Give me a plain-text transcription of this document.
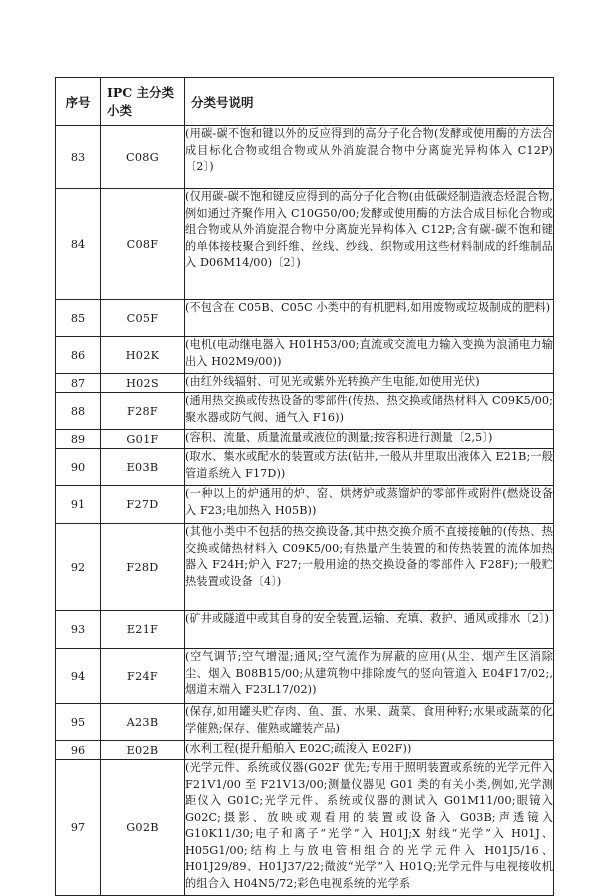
序号	IPC 主分类小类	分类号说明
83	C08G	(用碳-碳不饱和键以外的反应得到的高分子化合物(发酵或使用酶的方法合成目标化合物或组合物或从外消旋混合物中分离旋光异构体入 C12P)〔2〕)
84	C08F	(仅用碳-碳不饱和键反应得到的高分子化合物(由低碳烃制造液态烃混合物,例如通过齐聚作用入 C10G50/00;发酵或使用酶的方法合成目标化合物或组合物或从外消旋混合物中分离旋光异构体入 C12P;含有碳-碳不饱和键的单体接枝聚合到纤维、丝线、纱线、织物或用这些材料制成的纤维制品入 D06M14/00)〔2〕)
85	C05F	(不包含在 C05B、C05C 小类中的有机肥料,如用废物或垃圾制成的肥料)
86	H02K	(电机(电动继电器入 H01H53/00;直流或交流电力输入变换为浪涌电力输出入 H02M9/00))
87	H02S	(由红外线辐射、可见光或紫外光转换产生电能,如使用光伏)
88	F28F	(通用热交换或传热设备的零部件(传热、热交换或储热材料入 C09K5/00;聚水器或防气阀、通气入 F16))
89	G01F	(容积、流量、质量流量或液位的测量;按容积进行测量〔2,5〕)
90	E03B	(取水、集水或配水的装置或方法(钻井,一般从井里取出液体入 E21B;一般管道系统入 F17D))
91	F27D	(一种以上的炉通用的炉、窑、烘烤炉或蒸馏炉的零部件或附件(燃烧设备入 F23;电加热入 H05B))
92	F28D	(其他小类中不包括的热交换设备,其中热交换介质不直接接触的(传热、热交换或储热材料入 C09K5/00;有热量产生装置的和传热装置的流体加热器入 F24H;炉入 F27;一般用途的热交换设备的零部件入 F28F);一般贮热装置或设备〔4〕)
93	E21F	(矿井或隧道中或其自身的安全装置,运输、充填、救护、通风或排水〔2〕)
94	F24F	(空气调节;空气增湿;通风;空气流作为屏蔽的应用(从尘、烟产生区消除尘、烟入 B08B15/00;从建筑物中排除废气的竖向管道入 E04F17/02;,烟道末端入 F23L17/02))
95	A23B	(保存,如用罐头贮存肉、鱼、蛋、水果、蔬菜、食用种籽;水果或蔬菜的化学催熟;保存、催熟或罐装产品)
96	E02B	(水利工程(提升船舶入 E02C;疏浚入 E02F))
97	G02B	(光学元件、系统或仪器(G02F 优先;专用于照明装置或系统的光学元件入 F21V1/00 至 F21V13/00;测量仪器见 G01 类的有关小类,例如,光学测距仪入 G01C;光学元件、系统或仪器的测试入 G01M11/00;眼镜入 G02C;摄影、放映或观看用的装置或设备入 G03B;声透镜入 G10K11/30;电子和离子“光学”入 H01J;X 射线“光学”入 H01J、H05G1/00;结构上与放电管相组合的光学元件入 H01J5/16、H01J29/89、H01J37/22;微波“光学”入 H01Q;光学元件与电视接收机的组合入 H04N5/72;彩色电视系统的光学系
